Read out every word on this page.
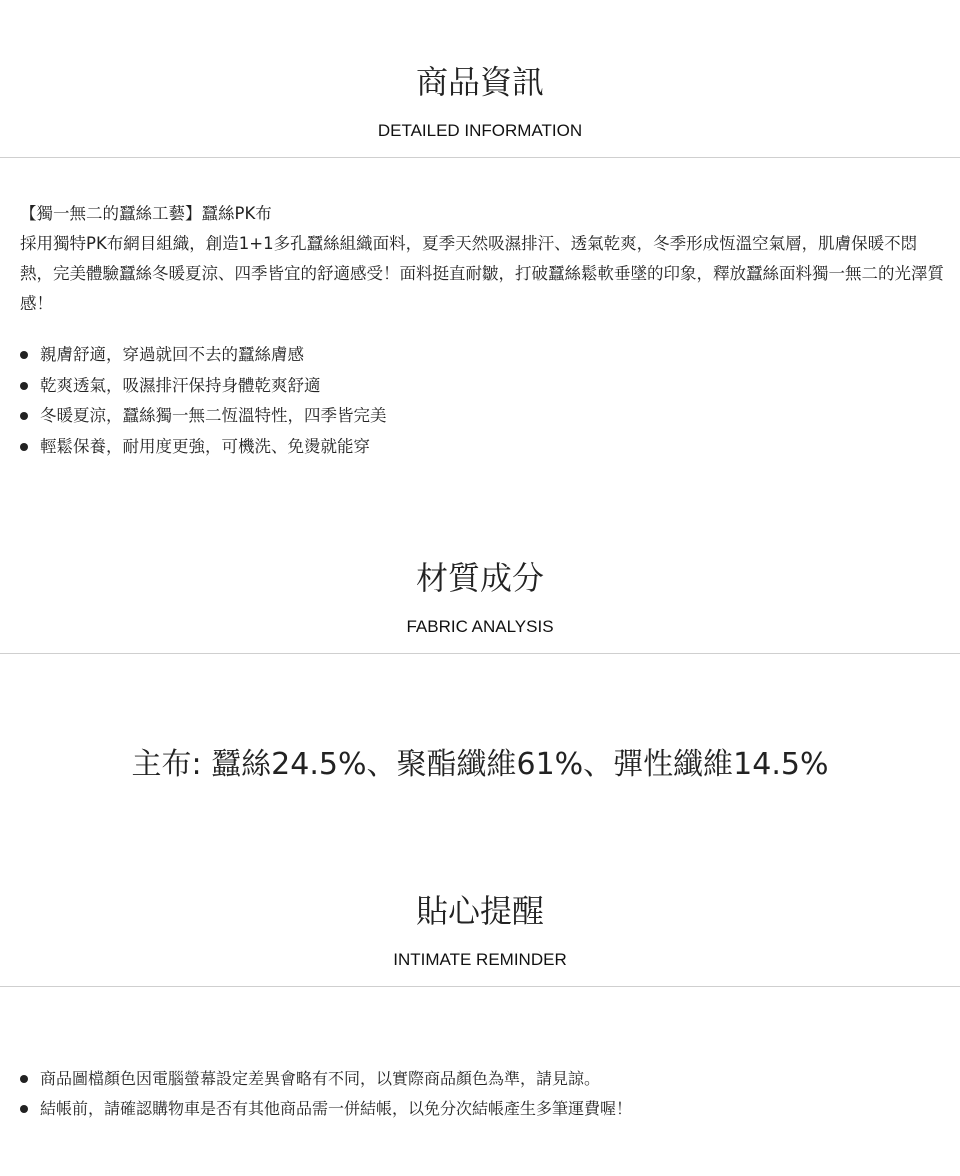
商品資訊
DETAILED INFORMATION

【獨一無二的蠶絲工藝】蠶絲PK布

採用獨特PK布網目組織，創造1+1多孔蠶絲組織面料，夏季天然吸濕排汗、透氣乾爽，冬季形成恆溫空氣層，肌膚保暖不悶熱，完美體驗蠶絲冬暖夏涼、四季皆宜的舒適感受！面料挺直耐皺，打破蠶絲鬆軟垂墜的印象，釋放蠶絲面料獨一無二的光澤質感！

親膚舒適，穿過就回不去的蠶絲膚感
乾爽透氣，吸濕排汗保持身體乾爽舒適
冬暖夏涼，蠶絲獨一無二恆溫特性，四季皆完美
輕鬆保養，耐用度更強，可機洗、免燙就能穿
材質成分
FABRIC ANALYSIS
主布: 蠶絲24.5%、聚酯纖維61%、彈性纖維14.5%
貼心提醒
INTIMATE REMINDER
商品圖檔顏色因電腦螢幕設定差異會略有不同，以實際商品顏色為準，請見諒。
結帳前，請確認購物車是否有其他商品需一併結帳，以免分次結帳產生多筆運費喔！
